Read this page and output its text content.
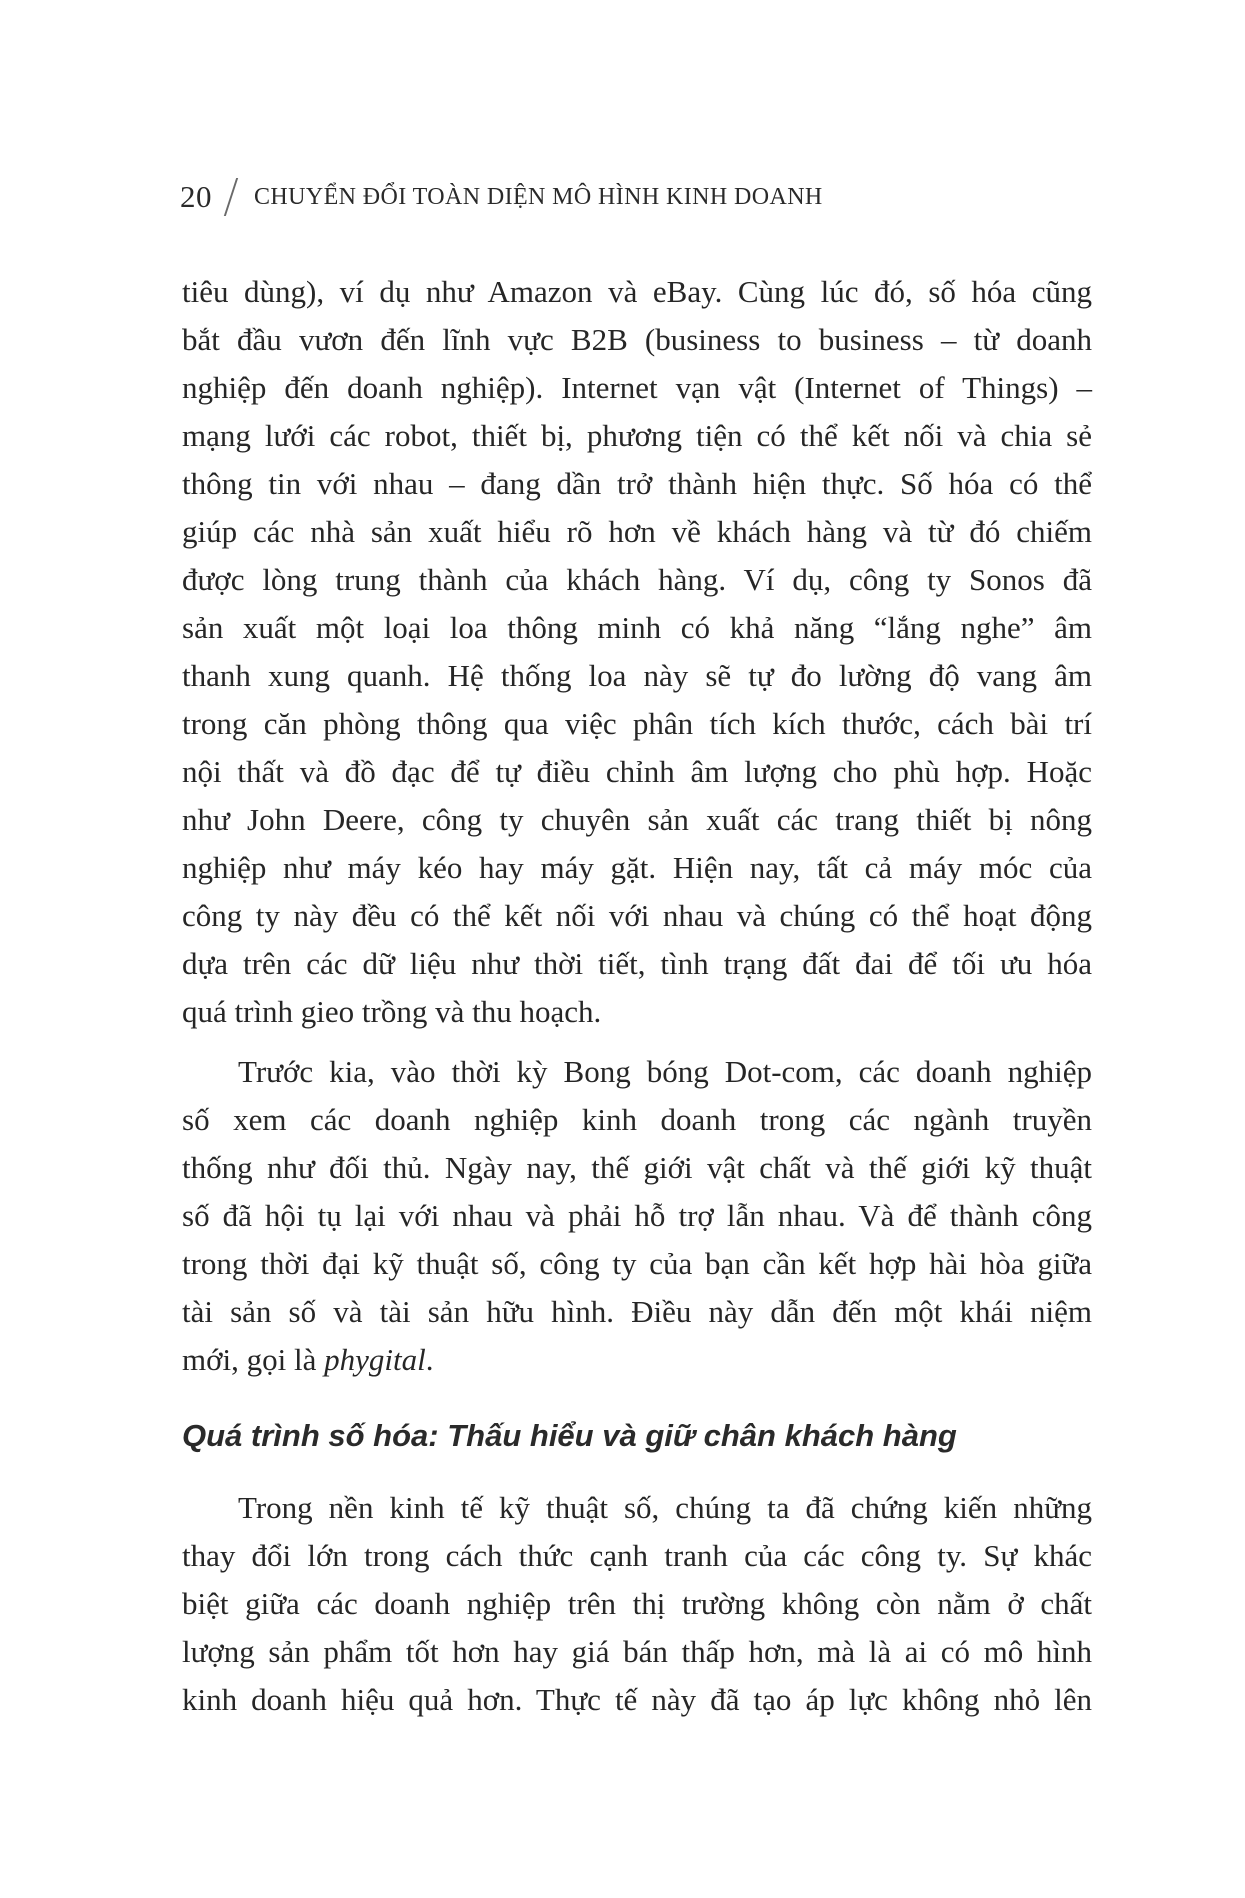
20 CHUYỂN ĐỔI TOÀN DIỆN MÔ HÌNH KINH DOANH
tiêu dùng), ví dụ như Amazon và eBay. Cùng lúc đó, số hóa cũng
bắt đầu vươn đến lĩnh vực B2B (business to business – từ doanh
nghiệp đến doanh nghiệp). Internet vạn vật (Internet of Things) –
mạng lưới các robot, thiết bị, phương tiện có thể kết nối và chia sẻ
thông tin với nhau – đang dần trở thành hiện thực. Số hóa có thể
giúp các nhà sản xuất hiểu rõ hơn về khách hàng và từ đó chiếm
được lòng trung thành của khách hàng. Ví dụ, công ty Sonos đã
sản xuất một loại loa thông minh có khả năng “lắng nghe” âm
thanh xung quanh. Hệ thống loa này sẽ tự đo lường độ vang âm
trong căn phòng thông qua việc phân tích kích thước, cách bài trí
nội thất và đồ đạc để tự điều chỉnh âm lượng cho phù hợp. Hoặc
như John Deere, công ty chuyên sản xuất các trang thiết bị nông
nghiệp như máy kéo hay máy gặt. Hiện nay, tất cả máy móc của
công ty này đều có thể kết nối với nhau và chúng có thể hoạt động
dựa trên các dữ liệu như thời tiết, tình trạng đất đai để tối ưu hóa
quá trình gieo trồng và thu hoạch.
Trước kia, vào thời kỳ Bong bóng Dot-com, các doanh nghiệp
số xem các doanh nghiệp kinh doanh trong các ngành truyền
thống như đối thủ. Ngày nay, thế giới vật chất và thế giới kỹ thuật
số đã hội tụ lại với nhau và phải hỗ trợ lẫn nhau. Và để thành công
trong thời đại kỹ thuật số, công ty của bạn cần kết hợp hài hòa giữa
tài sản số và tài sản hữu hình. Điều này dẫn đến một khái niệm
mới, gọi là phygital.
Quá trình số hóa: Thấu hiểu và giữ chân khách hàng
Trong nền kinh tế kỹ thuật số, chúng ta đã chứng kiến những
thay đổi lớn trong cách thức cạnh tranh của các công ty. Sự khác
biệt giữa các doanh nghiệp trên thị trường không còn nằm ở chất
lượng sản phẩm tốt hơn hay giá bán thấp hơn, mà là ai có mô hình
kinh doanh hiệu quả hơn. Thực tế này đã tạo áp lực không nhỏ lên
